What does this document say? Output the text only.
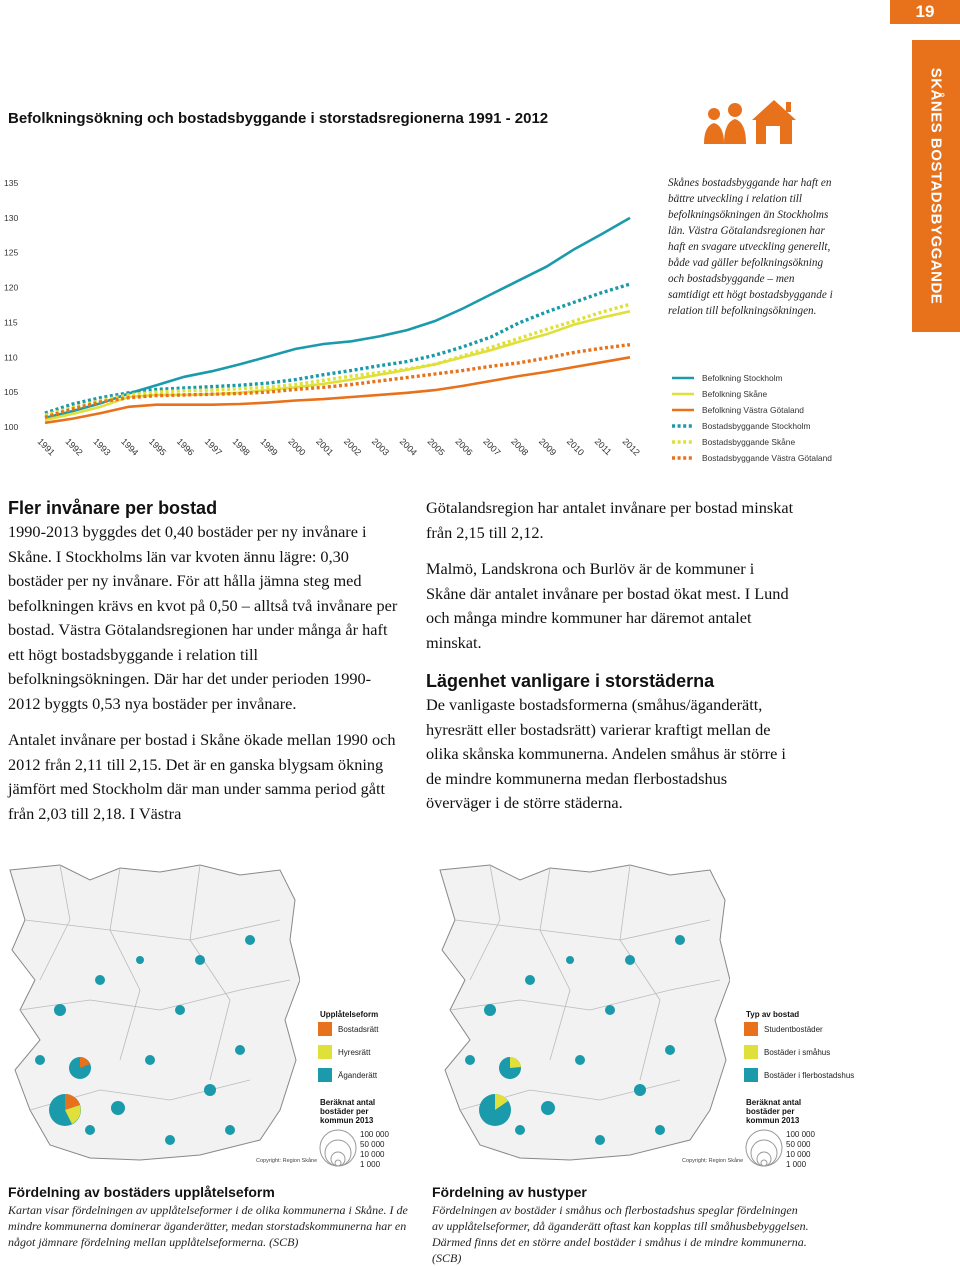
19
SKÅNES BOSTADSBYGGANDE
Befolkningsökning och bostadsbyggande i storstadsregionerna 1991 - 2012
135
130
125
120
115
110
105
100
1991 1992 1993 1994 1995 1996 1997 1998 1999 2000 2001 2002 2003 2004 2005 2006 2007 2008 2009 2010 2011 2012
Skånes bostadsbyggande har haft en bättre utveckling i relation till befolkningsökningen än Stockholms län. Västra Götalandsregionen har haft en svagare utveckling generellt, både vad gäller befolkningsökning och bostadsbyggande – men samtidigt ett högt bostadsbyggande i relation till befolkningsökningen.
Befolkning Stockholm
Befolkning Skåne
Befolkning Västra Götaland
Bostadsbyggande Stockholm
Bostadsbyggande Skåne
Bostadsbyggande Västra Götaland
Fler invånare per bostad

1990-2013 byggdes det 0,40 bostäder per ny invånare i Skåne. I Stockholms län var kvoten ännu lägre: 0,30 bostäder per ny invånare. För att hålla jämna steg med befolkningen krävs en kvot på 0,50 – alltså två invånare per bostad. Västra Götalandsregionen har under många år haft ett högt bostadsbyggande i relation till befolkningsökningen. Där har det under perioden 1990-2012 byggts 0,53 nya bostäder per invånare.

Antalet invånare per bostad i Skåne ökade mellan 1990 och 2012 från 2,11 till 2,15. Det är en ganska blygsam ökning jämfört med Stockholm där man under samma period gått från 2,03 till 2,18. I Västra

Götalandsregion har antalet invånare per bostad minskat från 2,15 till 2,12.

Malmö, Landskrona och Burlöv är de kommuner i Skåne där antalet invånare per bostad ökat mest. I Lund och många mindre kommuner har däremot antalet minskat.

Lägenhet vanligare i storstäderna

De vanligaste bostadsformerna (småhus/äganderätt, hyresrätt eller bostadsrätt) varierar kraftigt mellan de olika skånska kommunerna. Andelen småhus är större i de mindre kommunerna medan flerbostadshus överväger i de större städerna.

Upplåtelseform
Bostadsrätt
Hyresrätt
Äganderätt
Beräknat antal bostäder per kommun 2013
100 000
50 000
10 000
1 000
Copyright: Region Skåne
Fördelning av bostäders upplåtelseform
Kartan visar fördelningen av upplåtelseformer i de olika kommunerna i Skåne. I de mindre kommunerna dominerar äganderätter, medan storstadskommunerna har en något jämnare fördelning mellan upplåtelseformerna. (SCB)
Typ av bostad
Studentbostäder
Bostäder i småhus
Bostäder i flerbostadshus
Beräknat antal bostäder per kommun 2013
100 000
50 000
10 000
1 000
Copyright: Region Skåne
Fördelning av hustyper
Fördelningen av bostäder i småhus och flerbostadshus speglar fördelningen av upplåtelseformer, då äganderätt oftast kan kopplas till småhusbebyggelsen. Därmed finns det en större andel bostäder i småhus i de mindre kommunerna. (SCB)
